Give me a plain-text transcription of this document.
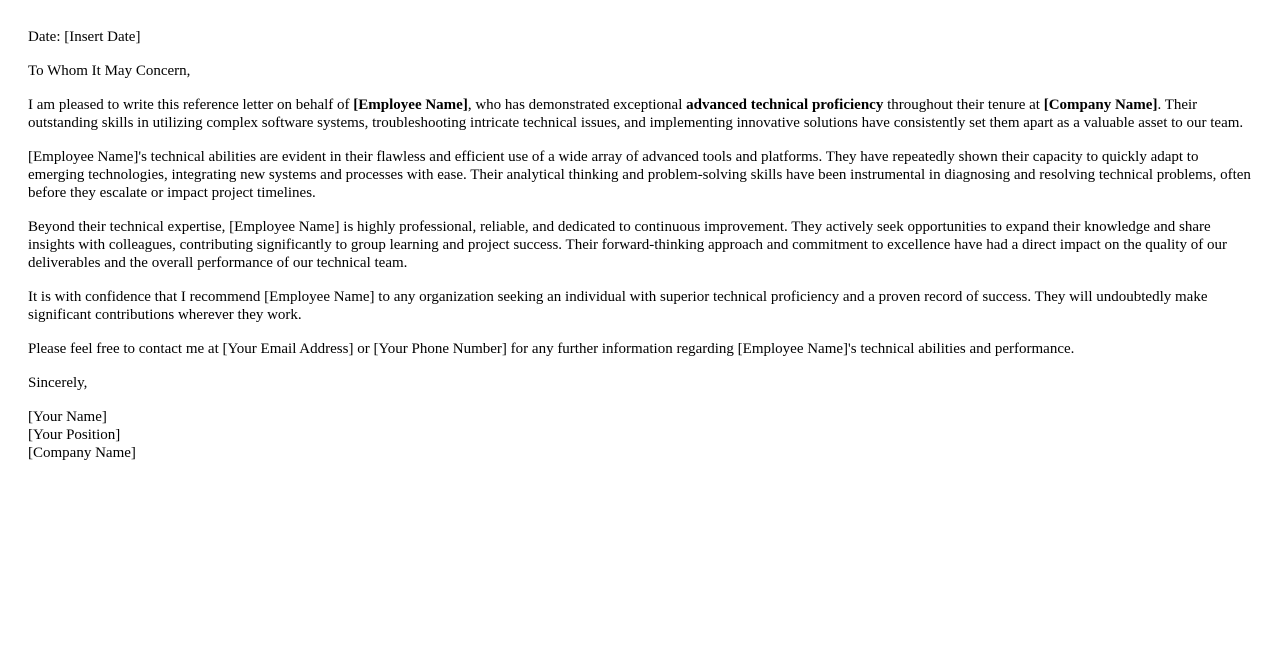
Date: [Insert Date]

To Whom It May Concern,

I am pleased to write this reference letter on behalf of [Employee Name], who has demonstrated exceptional advanced technical proficiency throughout their tenure at [Company Name]. Their outstanding skills in utilizing complex software systems, troubleshooting intricate technical issues, and implementing innovative solutions have consistently set them apart as a valuable asset to our team.

[Employee Name]'s technical abilities are evident in their flawless and efficient use of a wide array of advanced tools and platforms. They have repeatedly shown their capacity to quickly adapt to emerging technologies, integrating new systems and processes with ease. Their analytical thinking and problem-solving skills have been instrumental in diagnosing and resolving technical problems, often before they escalate or impact project timelines.

Beyond their technical expertise, [Employee Name] is highly professional, reliable, and dedicated to continuous improvement. They actively seek opportunities to expand their knowledge and share insights with colleagues, contributing significantly to group learning and project success. Their forward-thinking approach and commitment to excellence have had a direct impact on the quality of our deliverables and the overall performance of our technical team.

It is with confidence that I recommend [Employee Name] to any organization seeking an individual with superior technical proficiency and a proven record of success. They will undoubtedly make significant contributions wherever they work.

Please feel free to contact me at [Your Email Address] or [Your Phone Number] for any further information regarding [Employee Name]'s technical abilities and performance.

Sincerely,

[Your Name]

[Your Position]

[Company Name]
